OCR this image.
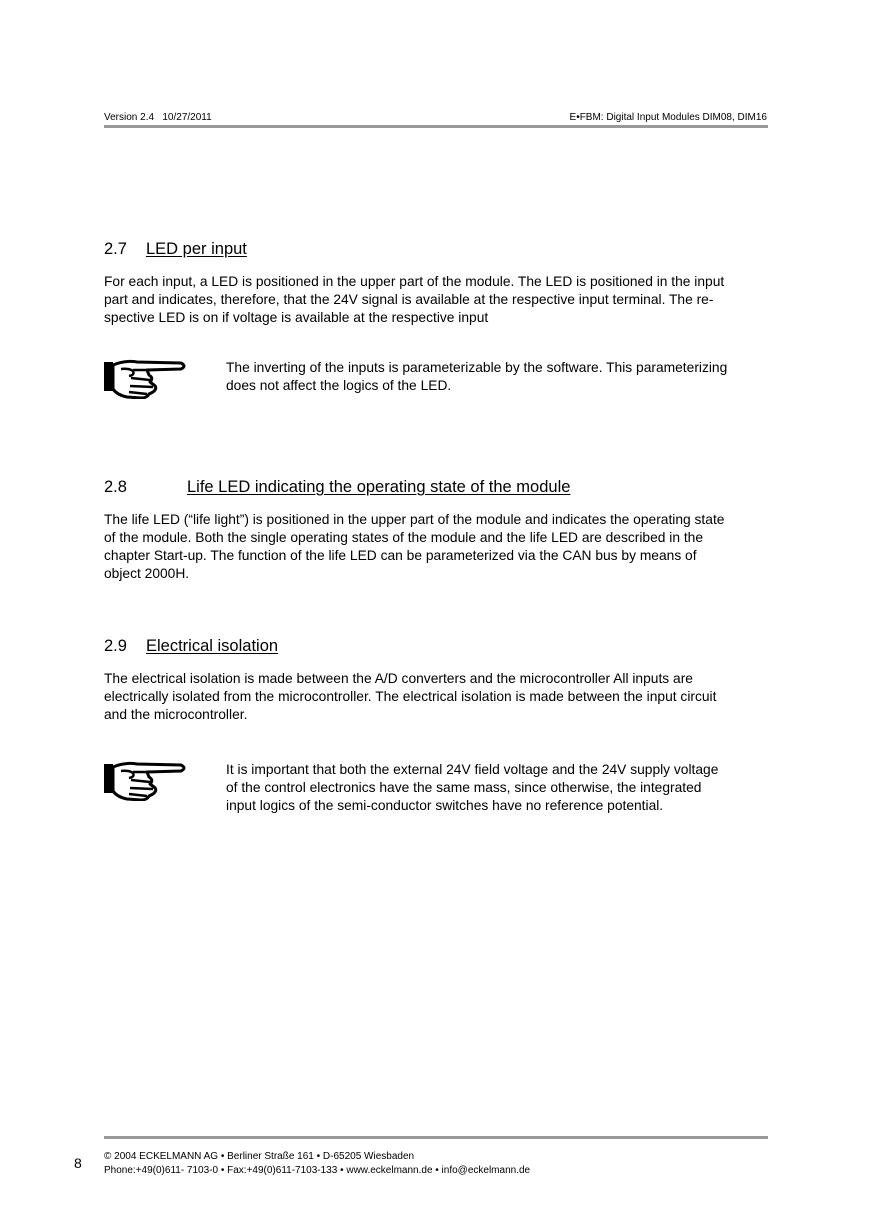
Version 2.4   10/27/2011	E•FBM: Digital Input Modules DIM08, DIM16
2.7 LED per input
For each input, a LED is positioned in the upper part of the module. The LED is positioned in the input
part and indicates, therefore, that the 24V signal is available at the respective input terminal. The re-
spective LED is on if voltage is available at the respective input
The inverting of the inputs is parameterizable by the software. This parameterizing
does not affect the logics of the LED.
2.8	Life LED indicating the operating state of the module
The life LED (“life light”) is positioned in the upper part of the module and indicates the operating state
of the module. Both the single operating states of the module and the life LED are described in the
chapter Start-up. The function of the life LED can be parameterized via the CAN bus by means of
object 2000H.
2.9 Electrical isolation
The electrical isolation is made between the A/D converters and the microcontroller All inputs are
electrically isolated from the microcontroller. The electrical isolation is made between the input circuit
and the microcontroller.
It is important that both the external 24V field voltage and the 24V supply voltage
of the control electronics have the same mass, since otherwise, the integrated
input logics of the semi-conductor switches have no reference potential.
8 © 2004 ECKELMANN AG • Berliner Straße 161 • D-65205 Wiesbaden
Phone:+49(0)611- 7103-0 • Fax:+49(0)611-7103-133 • www.eckelmann.de • info@eckelmann.de
